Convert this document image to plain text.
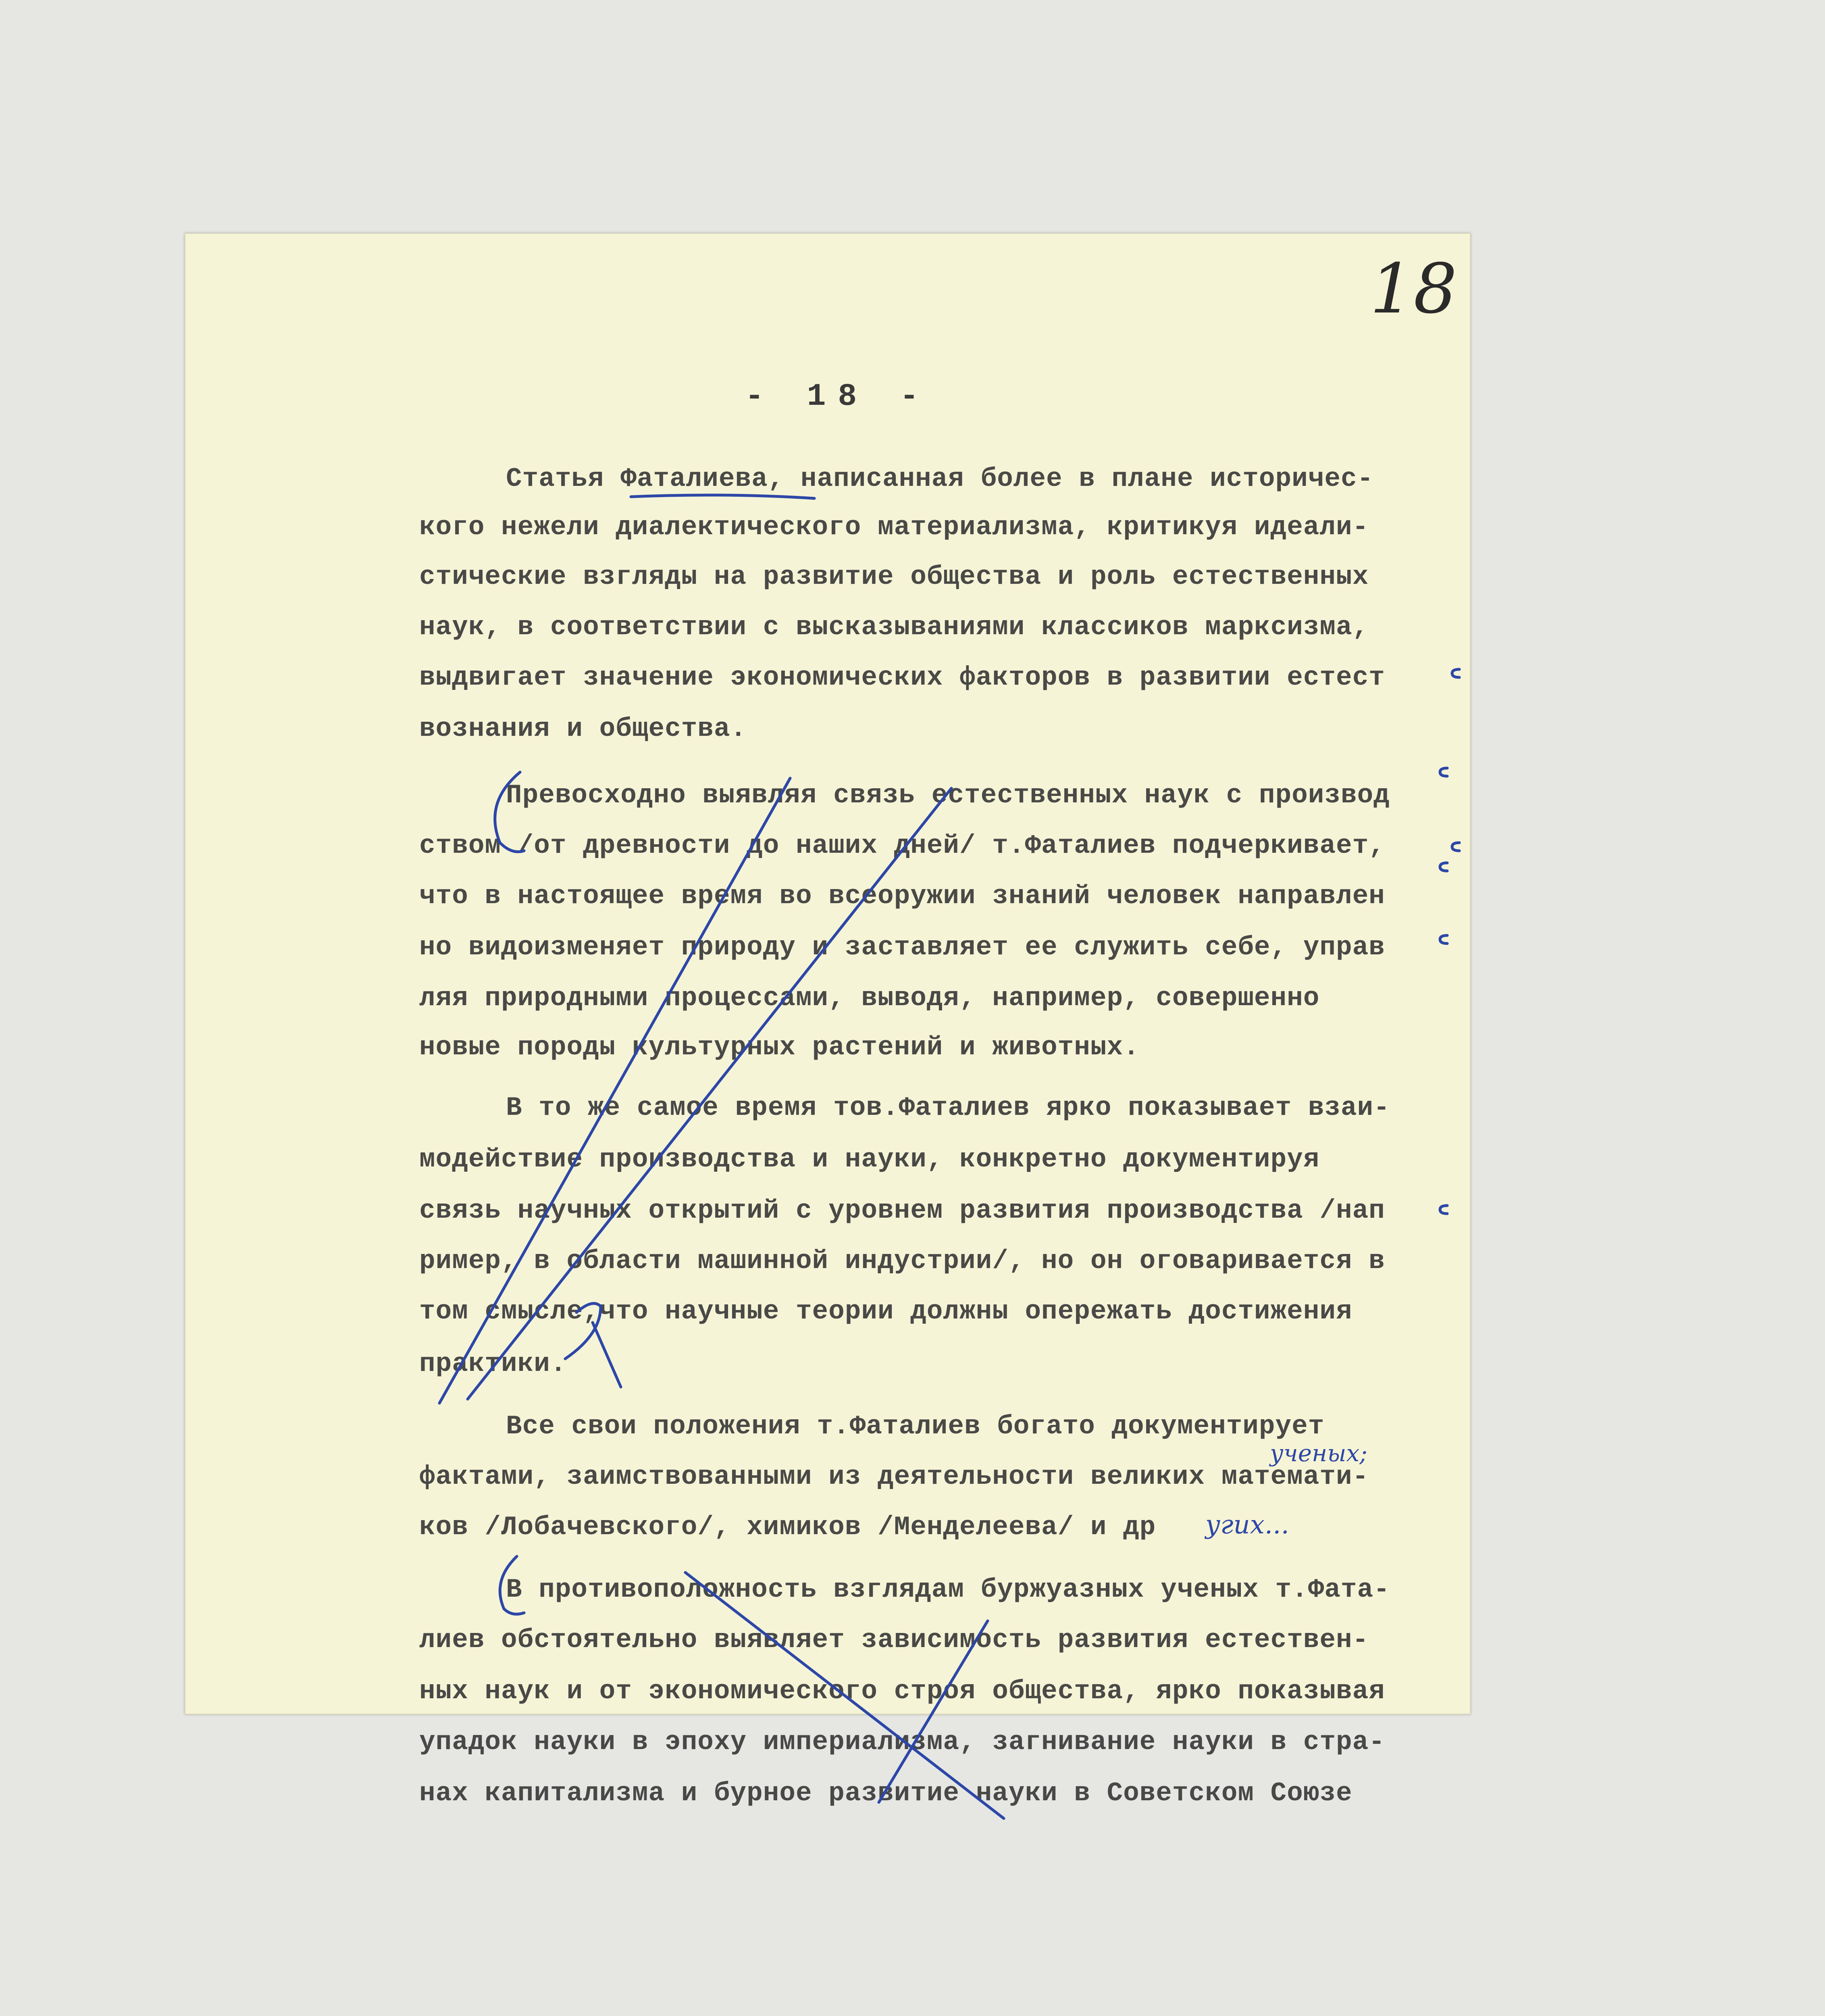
18
- 18 -
Статья Фаталиева, написанная более в плане историчес-
кого нежели диалектического материализма, критикуя идеали-
стические взгляды на развитие общества и роль естественных
наук, в соответствии с высказываниями классиков марксизма,
выдвигает значение экономических факторов в развитии естест
вознания и общества.
Превосходно выявляя связь естественных наук с производ
ством /от древности до наших дней/ т.Фаталиев подчеркивает,
что в настоящее время во всеоружии знаний человек направлен
но видоизменяет природу и заставляет ее служить себе, управ
ляя природными процессами, выводя, например, совершенно
новые породы культурных растений и животных.
В то же самое время тов.Фаталиев ярко показывает взаи-
модействие производства и науки, конкретно документируя
связь научных открытий с уровнем развития производства /нап
ример, в области машинной индустрии/, но он оговаривается в
том смысле,что научные теории должны опережать достижения
практики.
Все свои положения т.Фаталиев богато документирует
фактами, заимствованными из деятельности великих математи-
ков /Лобачевского/, химиков /Менделеева/ и др
В противоположность взглядам буржуазных ученых т.Фата-
лиев обстоятельно выявляет зависимость развития естествен-
ных наук и от экономического строя общества, ярко показывая
упадок науки в эпоху империализма, загнивание науки в стра-
нах капитализма и бурное развитие науки в Советском Союзе
ученых;
угих...
